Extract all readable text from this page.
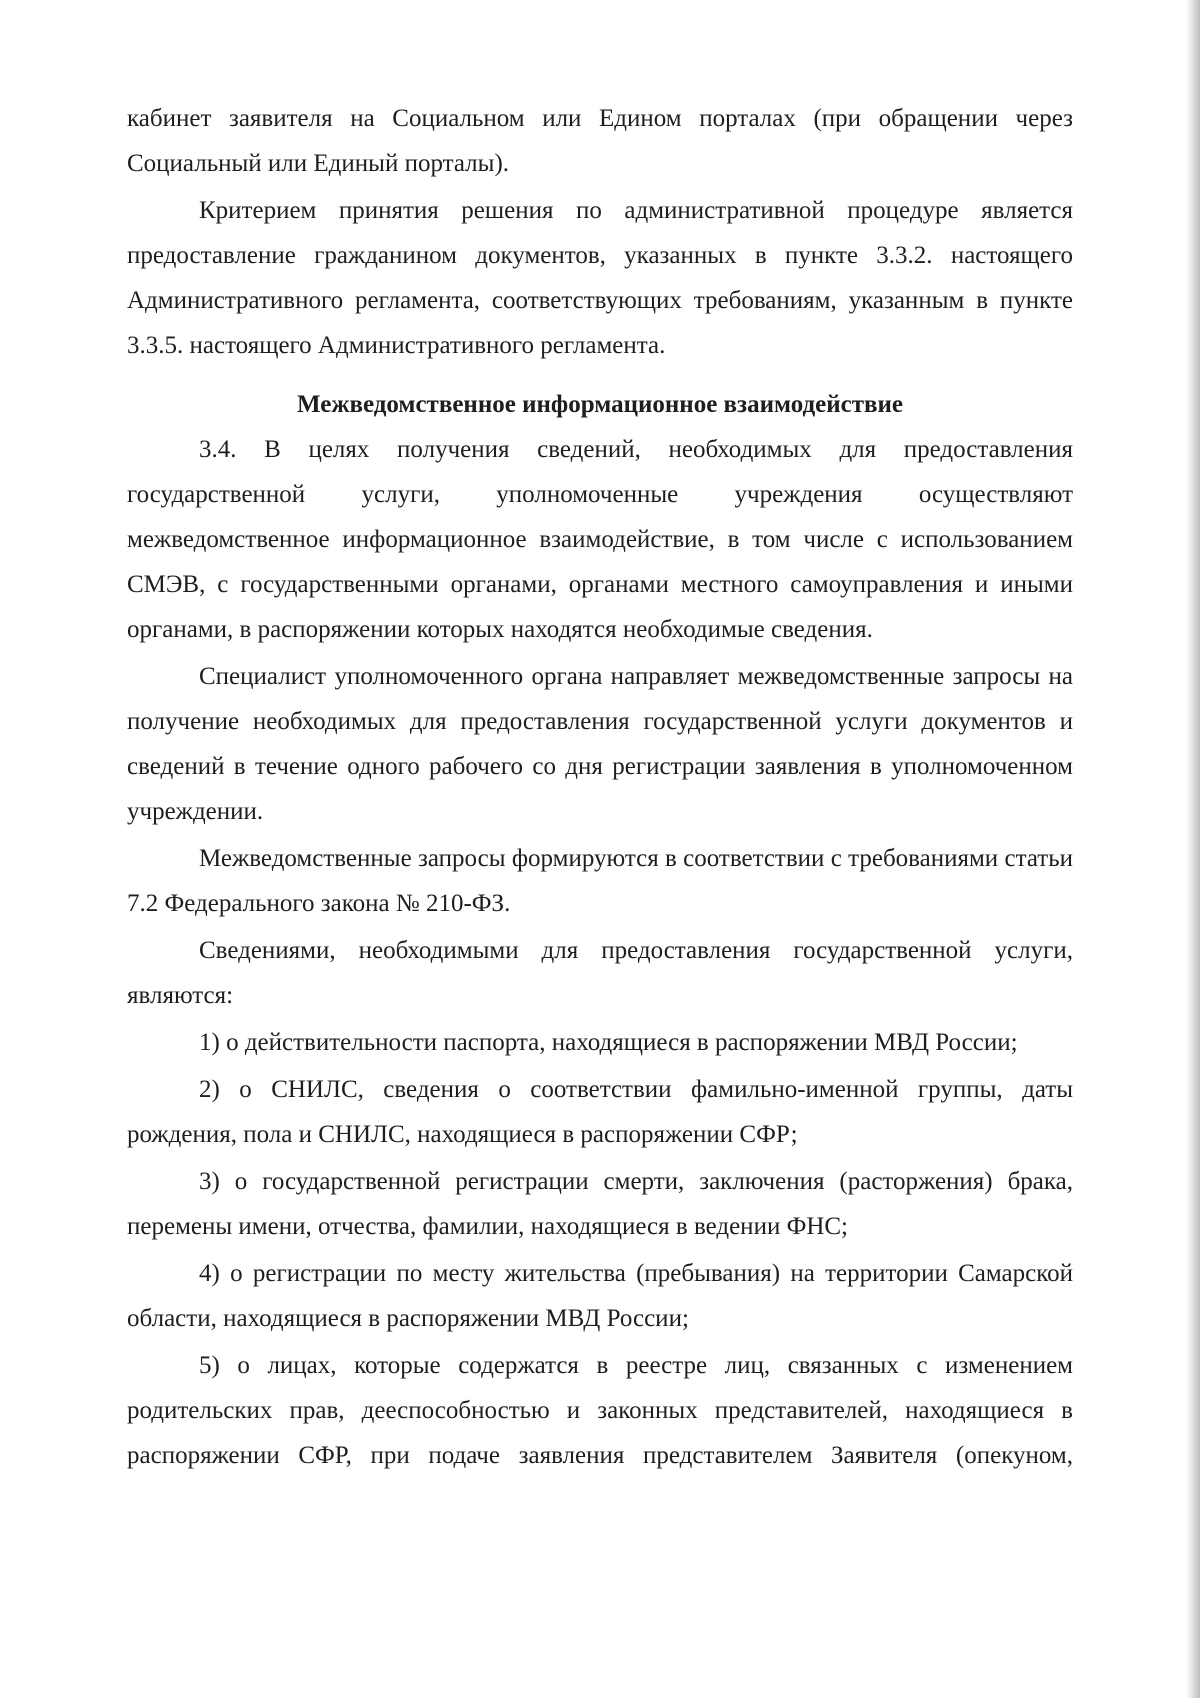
кабинет заявителя на Социальном или Едином порталах (при обращении через Социальный или Единый порталы).

Критерием принятия решения по административной процедуре является предоставление гражданином документов, указанных в пункте 3.3.2. настоящего Административного регламента, соответствующих требованиям, указанным в пункте 3.3.5. настоящего Административного регламента.

Межведомственное информационное взаимодействие

3.4. В целях получения сведений, необходимых для предоставления государственной услуги, уполномоченные учреждения осуществляют межведомственное информационное взаимодействие, в том числе с использованием СМЭВ, с государственными органами, органами местного самоуправления и иными органами, в распоряжении которых находятся необходимые сведения.

Специалист уполномоченного органа направляет межведомственные запросы на получение необходимых для предоставления государственной услуги документов и сведений в течение одного рабочего со дня регистрации заявления в уполномоченном учреждении.

Межведомственные запросы формируются в соответствии с требованиями статьи 7.2 Федерального закона № 210-ФЗ.

Сведениями, необходимыми для предоставления государственной услуги, являются:

1) о действительности паспорта, находящиеся в распоряжении МВД России;

2) о СНИЛС, сведения о соответствии фамильно-именной группы, даты рождения, пола и СНИЛС, находящиеся в распоряжении СФР;

3) о государственной регистрации смерти, заключения (расторжения) брака, перемены имени, отчества, фамилии, находящиеся в ведении ФНС;

4) о регистрации по месту жительства (пребывания) на территории Самарской области, находящиеся в распоряжении МВД России;

5) о лицах, которые содержатся в реестре лиц, связанных с изменением родительских прав, дееспособностью и законных представителей, находящиеся в распоряжении СФР, при подаче заявления представителем Заявителя (опекуном,
